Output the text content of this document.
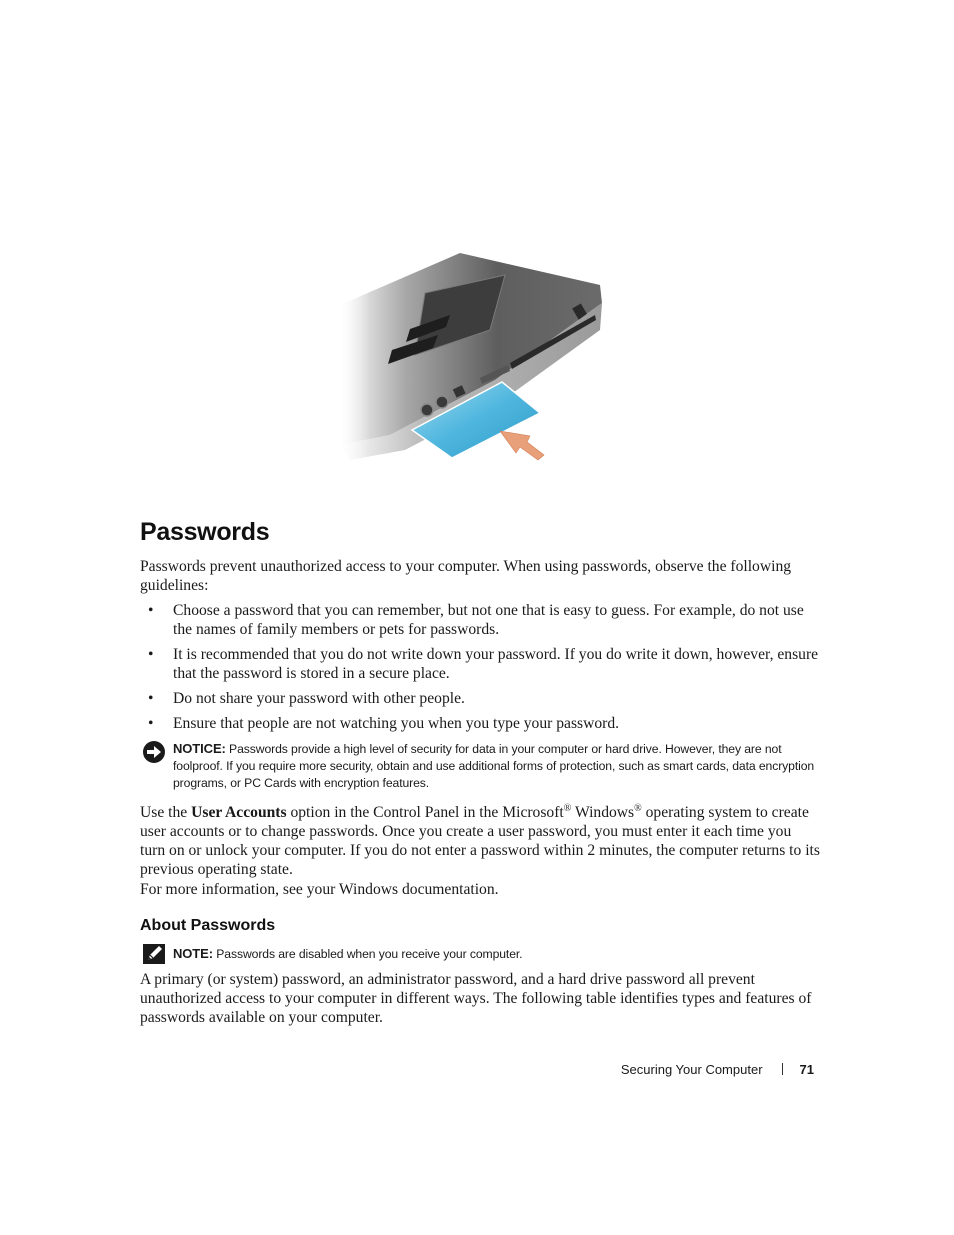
Passwords

Passwords prevent unauthorized access to your computer. When using passwords, observe the following guidelines:

• Choose a password that you can remember, but not one that is easy to guess. For example, do not use the names of family members or pets for passwords.
• It is recommended that you do not write down your password. If you do write it down, however, ensure that the password is stored in a secure place.
• Do not share your password with other people.
• Ensure that people are not watching you when you type your password.

NOTICE: Passwords provide a high level of security for data in your computer or hard drive. However, they are not foolproof. If you require more security, obtain and use additional forms of protection, such as smart cards, data encryption programs, or PC Cards with encryption features.

Use the User Accounts option in the Control Panel in the Microsoft® Windows® operating system to create user accounts or to change passwords. Once you create a user password, you must enter it each time you turn on or unlock your computer. If you do not enter a password within 2 minutes, the computer returns to its previous operating state.

For more information, see your Windows documentation.

About Passwords

NOTE: Passwords are disabled when you receive your computer.

A primary (or system) password, an administrator password, and a hard drive password all prevent unauthorized access to your computer in different ways. The following table identifies types and features of passwords available on your computer.

Securing Your Computer	71
